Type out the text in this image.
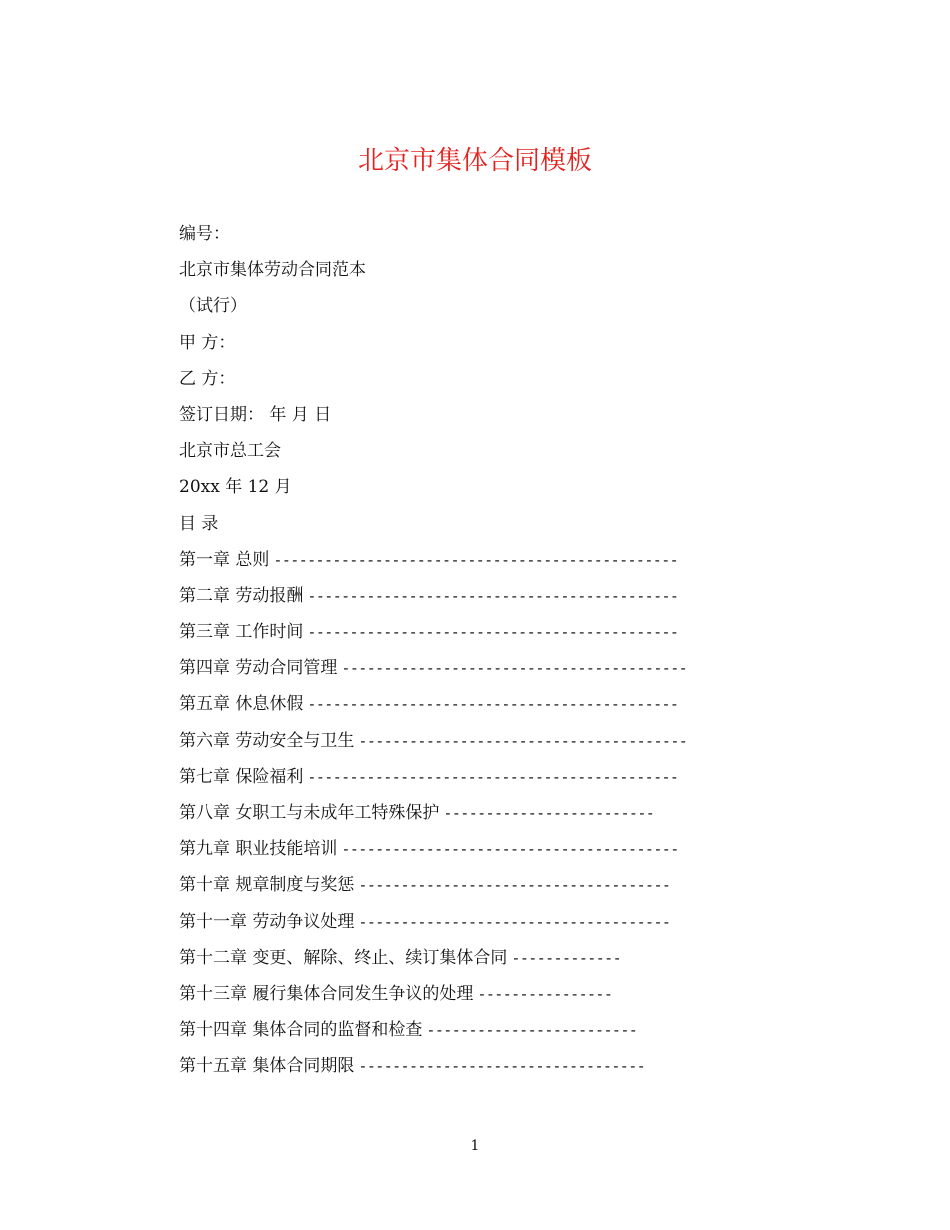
北京市集体合同模板
编号：
北京市集体劳动合同范本
（试行）
甲 方：
乙 方：
签订日期： 年 月 日
北京市总工会
20xx 年 12 月
目 录
第一章 总则 ------------------------------------------------
第二章 劳动报酬 --------------------------------------------
第三章 工作时间 --------------------------------------------
第四章 劳动合同管理 -----------------------------------------
第五章 休息休假 --------------------------------------------
第六章 劳动安全与卫生 ---------------------------------------
第七章 保险福利 --------------------------------------------
第八章 女职工与未成年工特殊保护 -------------------------
第九章 职业技能培训 ----------------------------------------
第十章 规章制度与奖惩 -------------------------------------
第十一章 劳动争议处理 -------------------------------------
第十二章 变更、解除、终止、续订集体合同 -------------
第十三章 履行集体合同发生争议的处理 ----------------
第十四章 集体合同的监督和检查 -------------------------
第十五章 集体合同期限 ----------------------------------
1
